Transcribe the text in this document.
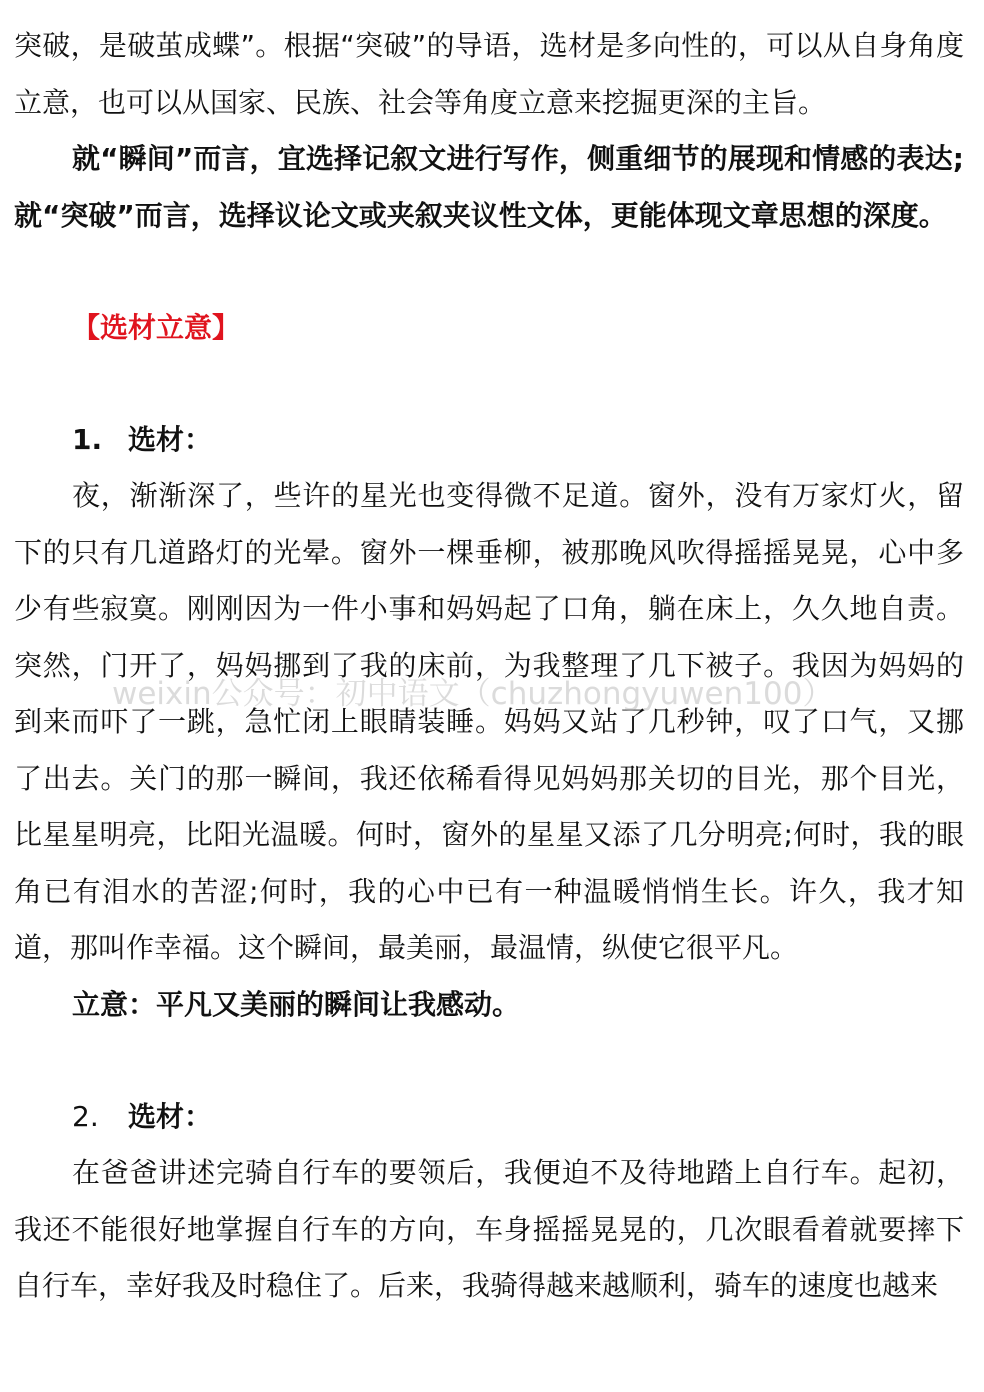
突破，是破茧成蝶”。根据“突破”的导语，选材是多向性的，可以从自身角度立意，也可以从国家、民族、社会等角度立意来挖掘更深的主旨。

就“瞬间”而言，宜选择记叙文进行写作，侧重细节的展现和情感的表达;就“突破”而言，选择议论文或夹叙夹议性文体，更能体现文章思想的深度。

【选材立意】

1. 选材：

夜，渐渐深了，些许的星光也变得微不足道。窗外，没有万家灯火，留下的只有几道路灯的光晕。窗外一棵垂柳，被那晚风吹得摇摇晃晃，心中多少有些寂寞。刚刚因为一件小事和妈妈起了口角，躺在床上，久久地自责。突然，门开了，妈妈挪到了我的床前，为我整理了几下被子。我因为妈妈的到来而吓了一跳，急忙闭上眼睛装睡。妈妈又站了几秒钟，叹了口气，又挪了出去。关门的那一瞬间，我还依稀看得见妈妈那关切的目光，那个目光，比星星明亮，比阳光温暖。何时，窗外的星星又添了几分明亮;何时，我的眼角已有泪水的苦涩;何时，我的心中已有一种温暖悄悄生长。许久，我才知道，那叫作幸福。这个瞬间，最美丽，最温情，纵使它很平凡。

立意：平凡又美丽的瞬间让我感动。

2. 选材：

在爸爸讲述完骑自行车的要领后，我便迫不及待地踏上自行车。起初，我还不能很好地掌握自行车的方向，车身摇摇晃晃的，几次眼看着就要摔下自行车，幸好我及时稳住了。后来，我骑得越来越顺利，骑车的速度也越来

weixin公众号：初中语文（chuzhongyuwen100）
